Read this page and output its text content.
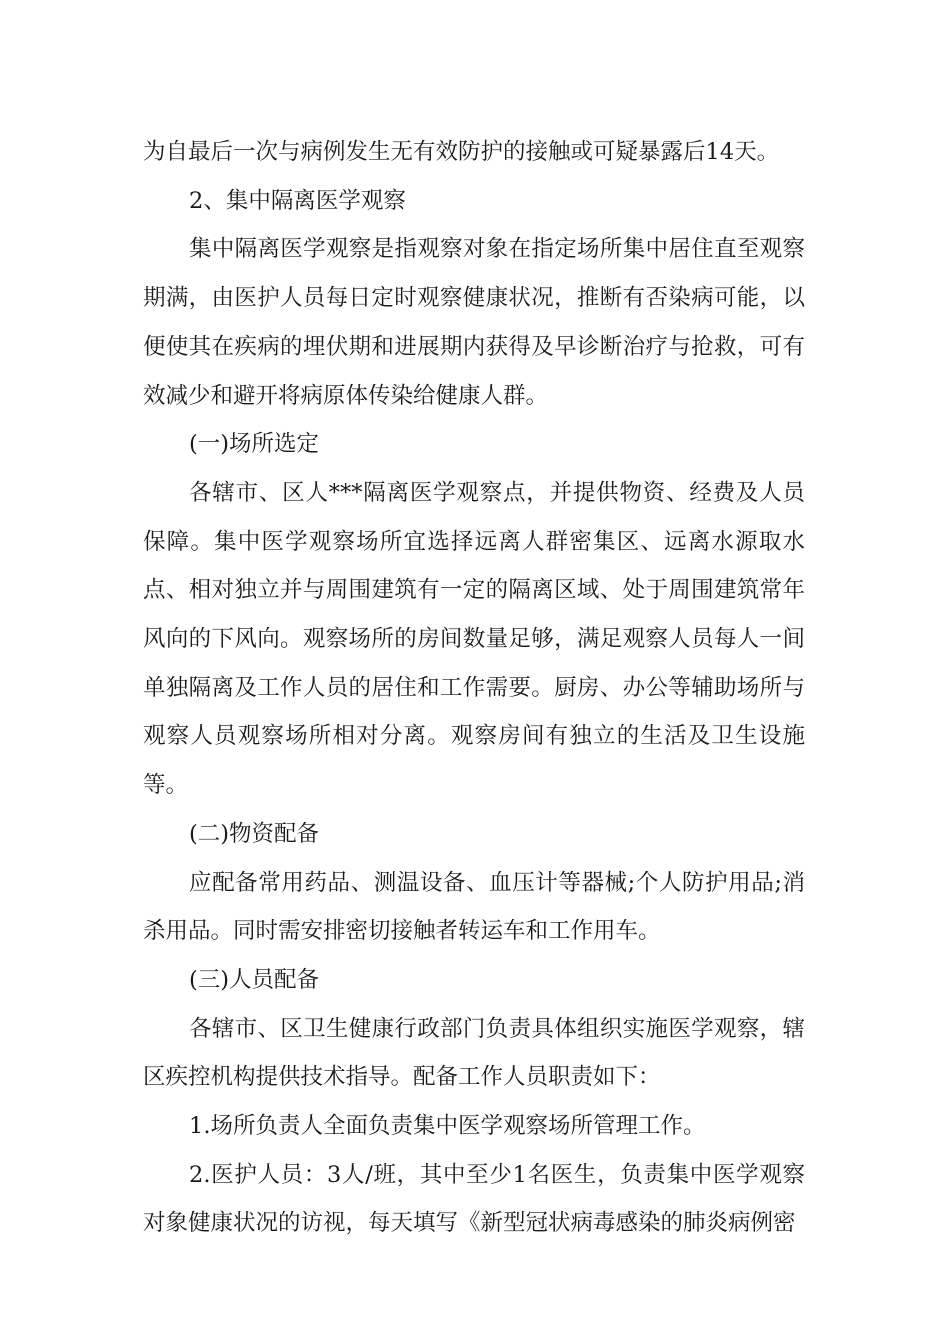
为自最后一次与病例发生无有效防护的接触或可疑暴露后14天。

2、集中隔离医学观察

集中隔离医学观察是指观察对象在指定场所集中居住直至观察期满，由医护人员每日定时观察健康状况，推断有否染病可能，以便使其在疾病的埋伏期和进展期内获得及早诊断治疗与抢救，可有效减少和避开将病原体传染给健康人群。

(一)场所选定

各辖市、区人***隔离医学观察点，并提供物资、经费及人员保障。集中医学观察场所宜选择远离人群密集区、远离水源取水点、相对独立并与周围建筑有一定的隔离区域、处于周围建筑常年风向的下风向。观察场所的房间数量足够，满足观察人员每人一间单独隔离及工作人员的居住和工作需要。厨房、办公等辅助场所与观察人员观察场所相对分离。观察房间有独立的生活及卫生设施等。

(二)物资配备

应配备常用药品、测温设备、血压计等器械;个人防护用品;消杀用品。同时需安排密切接触者转运车和工作用车。

(三)人员配备

各辖市、区卫生健康行政部门负责具体组织实施医学观察，辖区疾控机构提供技术指导。配备工作人员职责如下：

1.场所负责人全面负责集中医学观察场所管理工作。

2.医护人员：3人/班，其中至少1名医生，负责集中医学观察对象健康状况的访视，每天填写《新型冠状病毒感染的肺炎病例密
